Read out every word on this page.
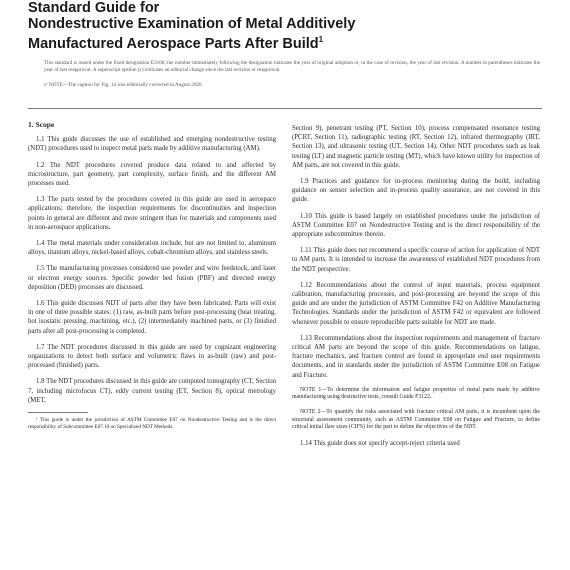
Standard Guide for
Nondestructive Examination of Metal Additively
Manufactured Aerospace Parts After Build$^1$
This standard is issued under the fixed designation E3166; the number immediately following the designation indicates the year of original adoption or, in the case of revision, the year of last revision. A number in parentheses indicates the year of last reapproval. A superscript epsilon (ε) indicates an editorial change since the last revision or reapproval.
ε¹ NOTE—The caption for Fig. 14 was editorially corrected in August 2020.
1. Scope

1.1 This guide discusses the use of established and emerging nondestructive testing (NDT) procedures used to inspect metal parts made by additive manufacturing (AM).

1.2 The NDT procedures covered produce data related to and affected by microstructure, part geometry, part complexity, surface finish, and the different AM processes used.

1.3 The parts tested by the procedures covered in this guide are used in aerospace applications; therefore, the inspection requirements for discontinuities and inspection points in general are different and more stringent than for materials and components used in non-aerospace applications.

1.4 The metal materials under consideration include, but are not limited to, aluminum alloys, titanium alloys, nickel-based alloys, cobalt-chromium alloys, and stainless steels.

1.5 The manufacturing processes considered use powder and wire feedstock, and laser or electron energy sources. Specific powder bed fusion (PBF) and directed energy deposition (DED) processes are discussed.

1.6 This guide discusses NDT of parts after they have been fabricated. Parts will exist in one of three possible states: (1) raw, as-built parts before post-processing (heat treating, hot isostatic pressing, machining, etc.), (2) intermediately machined parts, or (3) finished parts after all post-processing is completed.

1.7 The NDT procedures discussed in this guide are used by cognizant engineering organizations to detect both surface and volumetric flaws in as-built (raw) and post-processed (finished) parts.

1.8 The NDT procedures discussed in this guide are computed tomography (CT, Section 7, including microfocus CT), eddy current testing (ET, Section 8), optical metrology (MET,

¹ This guide is under the jurisdiction of ASTM Committee E07 on Nondestructive Testing and is the direct responsibility of Subcommittee E07.10 on Specialized NDT Methods.

Section 9), penetrant testing (PT, Section 10), process compensated resonance testing (PCRT, Section 11), radiographic testing (RT, Section 12), infrared thermography (IRT, Section 13), and ultrasonic testing (UT, Section 14). Other NDT procedures such as leak testing (LT) and magnetic particle testing (MT), which have known utility for inspection of AM parts, are not covered in this guide.

1.9 Practices and guidance for in-process monitoring during the build, including guidance on sensor selection and in-process quality assurance, are not covered in this guide.

1.10 This guide is based largely on established procedures under the jurisdiction of ASTM Committee E07 on Nondestructive Testing and is the direct responsibility of the appropriate subcommittee therein.

1.11 This guide does not recommend a specific course of action for application of NDT to AM parts. It is intended to increase the awareness of established NDT procedures from the NDT perspective.

1.12 Recommendations about the control of input materials, process equipment calibration, manufacturing processes, and post-processing are beyond the scope of this guide and are under the jurisdiction of ASTM Committee F42 on Additive Manufacturing Technologies. Standards under the jurisdiction of ASTM F42 or equivalent are followed whenever possible to ensure reproducible parts suitable for NDT are made.

1.13 Recommendations about the inspection requirements and management of fracture critical AM parts are beyond the scope of this guide. Recommendations on fatigue, fracture mechanics, and fracture control are found in appropriate end user requirements documents, and in standards under the jurisdiction of ASTM Committee E08 on Fatigue and Fracture.

NOTE 1—To determine the information and fatigue properties of metal parts made by additive manufacturing using destructive tests, consult Guide F3122.

NOTE 2—To quantify the risks associated with fracture critical AM parts, it is incumbent upon the structural assessment community, such as ASTM Committee E08 on Fatigue and Fracture, to define critical initial flaw sizes (CIFS) for the part to define the objectives of the NDT.

1.14 This guide does not specify accept-reject criteria used
